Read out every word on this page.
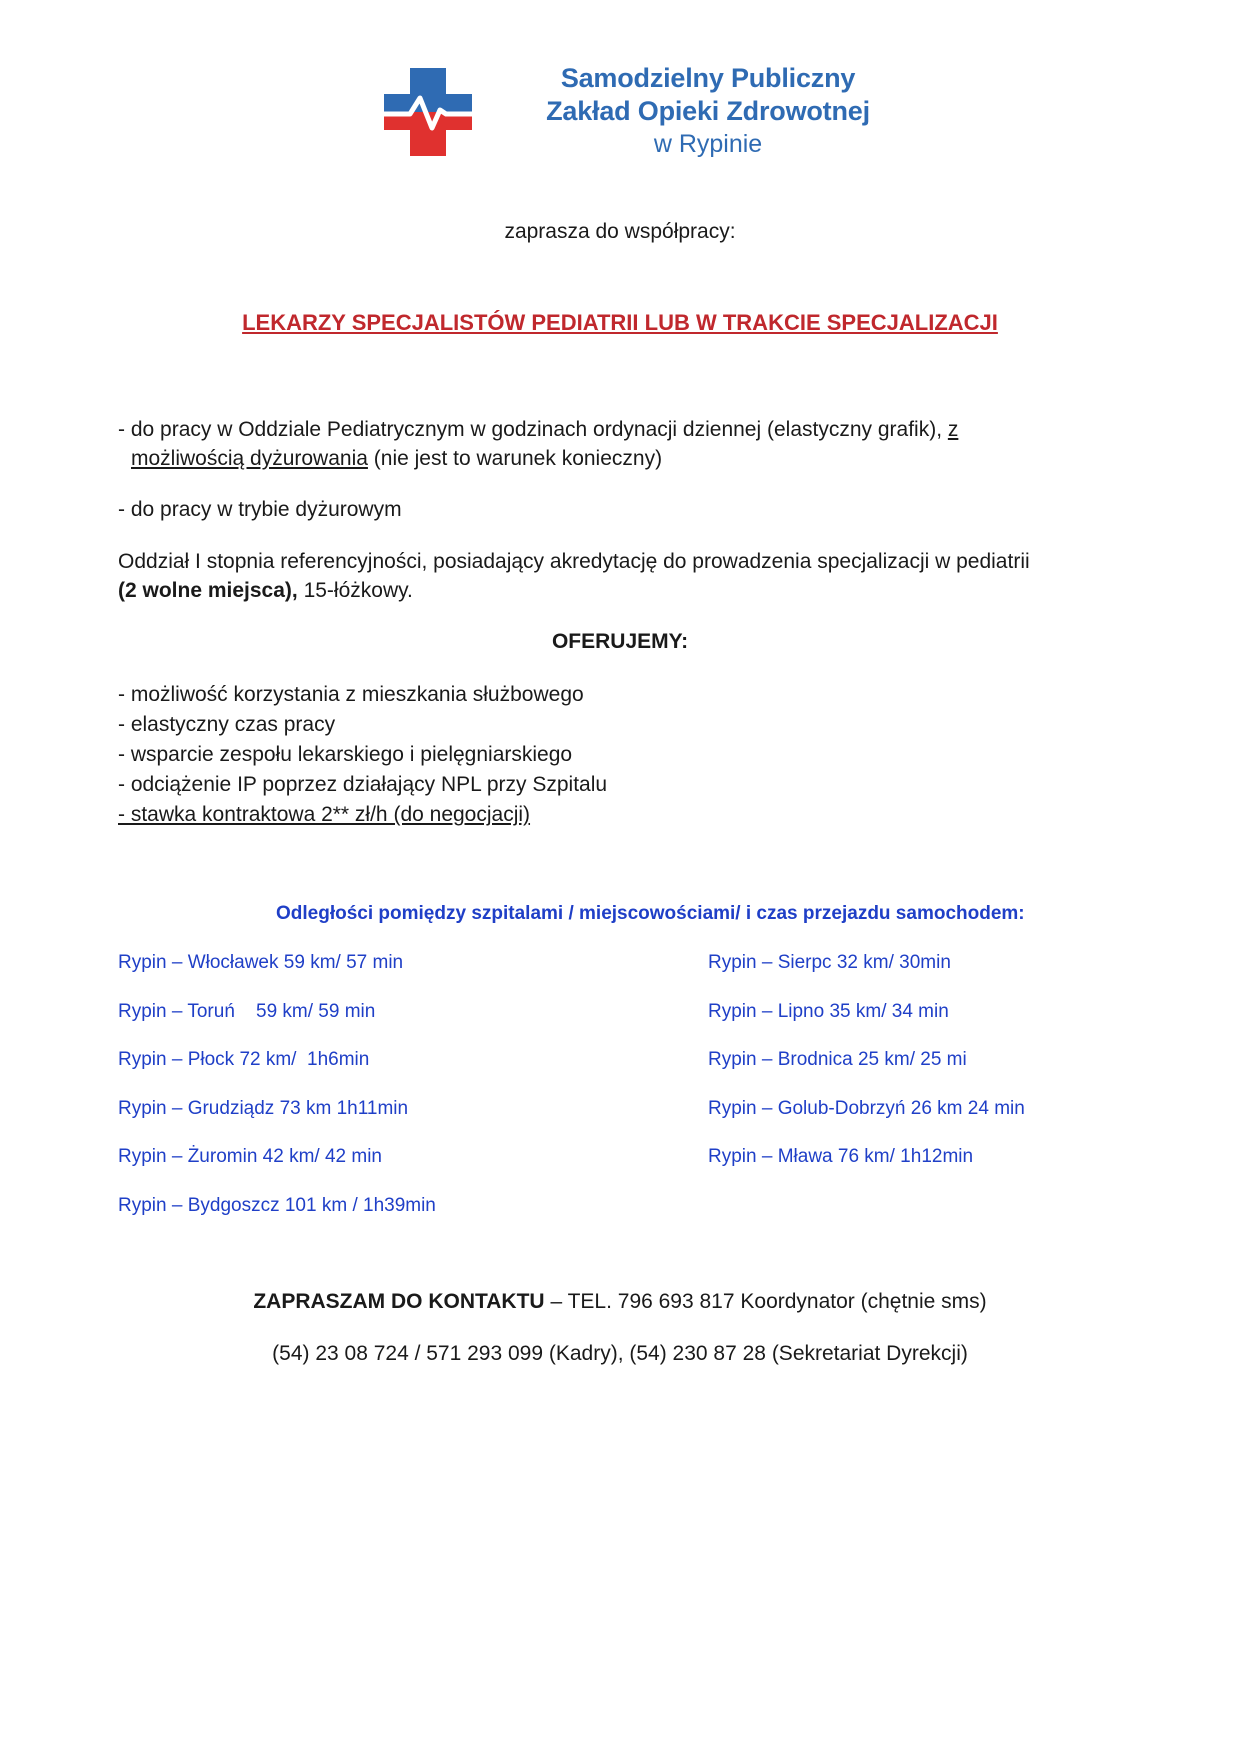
Samodzielny Publiczny
Zakład Opieki Zdrowotnej
w Rypinie
zaprasza do współpracy:
LEKARZY SPECJALISTÓW PEDIATRII LUB W TRAKCIE SPECJALIZACJI
- do pracy w Oddziale Pediatrycznym w godzinach ordynacji dziennej (elastyczny grafik), z
możliwością dyżurowania (nie jest to warunek konieczny)
- do pracy w trybie dyżurowym
Oddział I stopnia referencyjności, posiadający akredytację do prowadzenia specjalizacji w pediatrii
(2 wolne miejsca), 15-łóżkowy.
OFERUJEMY:
- możliwość korzystania z mieszkania służbowego
- elastyczny czas pracy
- wsparcie zespołu lekarskiego i pielęgniarskiego
- odciążenie IP poprzez działający NPL przy Szpitalu
- stawka kontraktowa 2** zł/h (do negocjacji)
Odległości pomiędzy szpitalami / miejscowościami/ i czas przejazdu samochodem:
Rypin – Włocławek 59 km/ 57 min
Rypin – Toruń    59 km/ 59 min
Rypin – Płock 72 km/  1h6min
Rypin – Grudziądz 73 km 1h11min
Rypin – Żuromin 42 km/ 42 min
Rypin – Bydgoszcz 101 km / 1h39min
Rypin – Sierpc 32 km/ 30min
Rypin – Lipno 35 km/ 34 min
Rypin – Brodnica 25 km/ 25 mi
Rypin – Golub-Dobrzyń 26 km 24 min
Rypin – Mława 76 km/ 1h12min
ZAPRASZAM DO KONTAKTU – TEL. 796 693 817 Koordynator (chętnie sms)
(54) 23 08 724 / 571 293 099 (Kadry), (54) 230 87 28 (Sekretariat Dyrekcji)
